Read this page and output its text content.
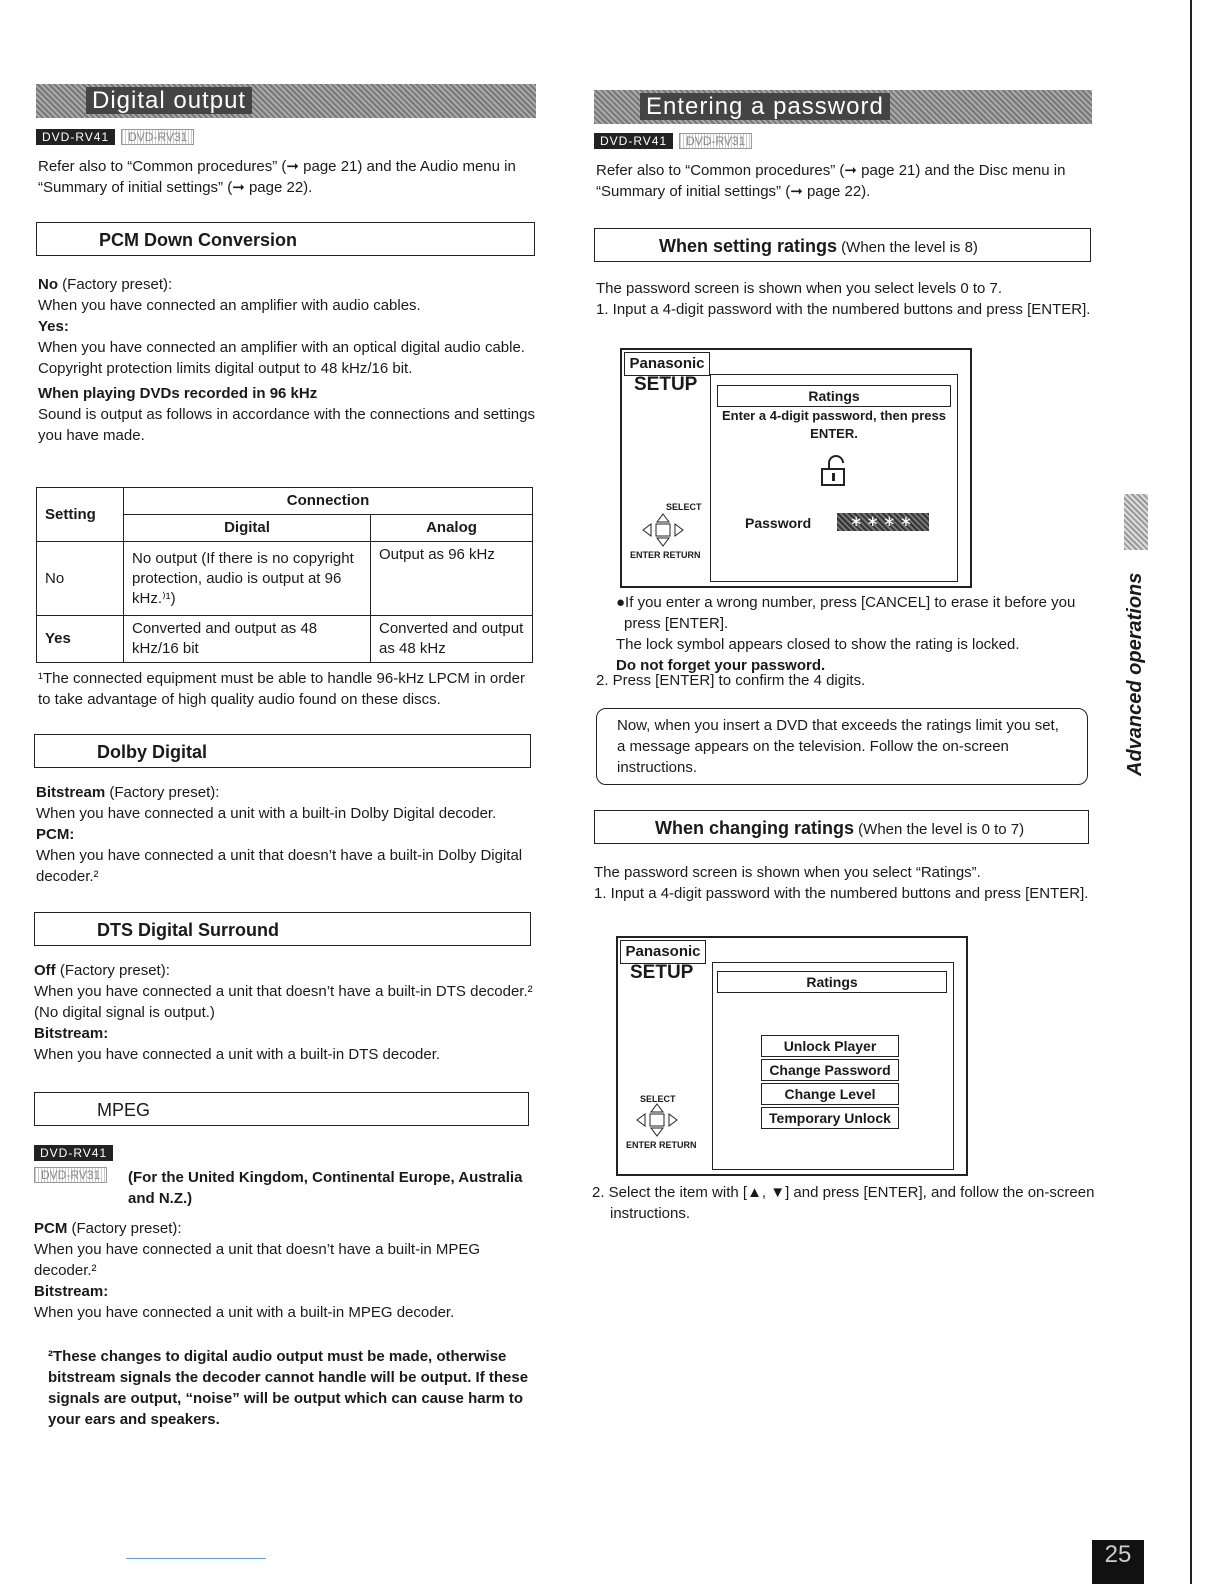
Digital output
DVD-RV41 DVD-RV31

Refer also to “Common procedures” (➞ page 21) and the Audio menu in “Summary of initial settings” (➞ page 22).

PCM Down Conversion

No (Factory preset):

When you have connected an amplifier with audio cables.

Yes:

When you have connected an amplifier with an optical digital audio cable.

Copyright protection limits digital output to 48 kHz/16 bit.

When playing DVDs recorded in 96 kHz

Sound is output as follows in accordance with the connections and settings you have made.

Setting	Connection	
	Digital	Analog
No	No output (If there is no copyright protection, audio is output at 96 kHz.⁾¹)	Output as 96 kHz
Yes	Converted and output as 48 kHz/16 bit	Converted and output as 48 kHz

¹The connected equipment must be able to handle 96-kHz LPCM in order to take advantage of high quality audio found on these discs.

Dolby Digital

Bitstream (Factory preset):

When you have connected a unit with a built-in Dolby Digital decoder.

PCM:

When you have connected a unit that doesn’t have a built-in Dolby Digital decoder.²

DTS Digital Surround

Off (Factory preset):

When you have connected a unit that doesn’t have a built-in DTS decoder.² (No digital signal is output.)

Bitstream:

When you have connected a unit with a built-in DTS decoder.

MPEG
DVD-RV41
DVD-RV31	(For the United Kingdom, Continental Europe, Australia and N.Z.)

PCM (Factory preset):

When you have connected a unit that doesn’t have a built-in MPEG decoder.²

Bitstream:

When you have connected a unit with a built-in MPEG decoder.

²These changes to digital audio output must be made, otherwise bitstream signals the decoder cannot handle will be output. If these signals are output, “noise” will be output which can cause harm to your ears and speakers.

Entering a password
DVD-RV41 DVD-RV31

Refer also to “Common procedures” (➞ page 21) and the Disc menu in “Summary of initial settings” (➞ page 22).

When setting ratings (When the level is 8)

The password screen is shown when you select levels 0 to 7.

1. Input a 4-digit password with the numbered buttons and press [ENTER].

Panasonic
SETUP
Ratings
Enter a 4-digit password, then press ENTER.
Password	∗∗∗∗
SELECT
ENTER RETURN

●If you enter a wrong number, press [CANCEL] to erase it before you press [ENTER].

The lock symbol appears closed to show the rating is locked.

Do not forget your password.

2. Press [ENTER] to confirm the 4 digits.

Now, when you insert a DVD that exceeds the ratings limit you set, a message appears on the television. Follow the on-screen instructions.
When changing ratings (When the level is 0 to 7)

The password screen is shown when you select “Ratings”.

1. Input a 4-digit password with the numbered buttons and press [ENTER].

Panasonic
SETUP	Ratings
Unlock Player
Change Password
Change Level
Temporary Unlock
SELECT
ENTER RETURN

2. Select the item with [▲, ▼] and press [ENTER], and follow the on-screen instructions.

Advanced operations
25
